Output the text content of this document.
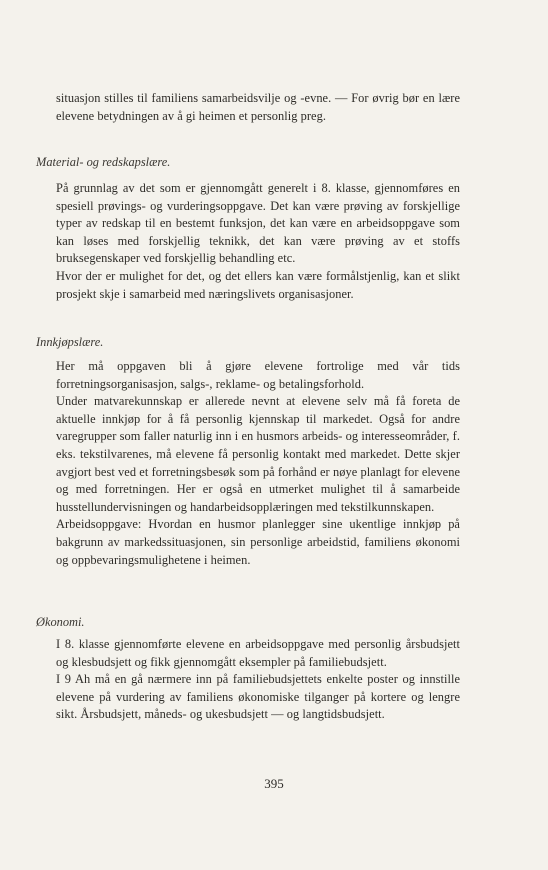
situasjon stilles til familiens samarbeidsvilje og -evne. — For øvrig bør en lære elevene betydningen av å gi heimen et personlig preg.

Material- og redskapslære.

På grunnlag av det som er gjennomgått generelt i 8. klasse, gjennomføres en spesiell prøvings- og vurderingsoppgave. Det kan være prøving av forskjellige typer av redskap til en bestemt funksjon, det kan være en arbeidsoppgave som kan løses med forskjellig teknikk, det kan være prøving av et stoffs bruksegenskaper ved forskjellig behandling etc.

Hvor der er mulighet for det, og det ellers kan være formålstjenlig, kan et slikt prosjekt skje i samarbeid med næringslivets organisasjoner.

Innkjøpslære.

Her må oppgaven bli å gjøre elevene fortrolige med vår tids forretningsorganisasjon, salgs-, reklame- og betalingsforhold.

Under matvarekunnskap er allerede nevnt at elevene selv må få foreta de aktuelle innkjøp for å få personlig kjennskap til markedet. Også for andre varegrupper som faller naturlig inn i en husmors arbeids- og interesseområder, f. eks. tekstilvarenes, må elevene få personlig kontakt med markedet. Dette skjer avgjort best ved et forretningsbesøk som på forhånd er nøye planlagt for elevene og med forretningen. Her er også en utmerket mulighet til å samarbeide husstellundervisningen og handarbeidsopplæringen med tekstilkunnskapen.

Arbeidsoppgave: Hvordan en husmor planlegger sine ukentlige innkjøp på bakgrunn av markedssituasjonen, sin personlige arbeidstid, familiens økonomi og oppbevaringsmulighetene i heimen.

Økonomi.

I 8. klasse gjennomførte elevene en arbeidsoppgave med personlig årsbudsjett og klesbudsjett og fikk gjennomgått eksempler på familiebudsjett.

I 9 Ah må en gå nærmere inn på familiebudsjettets enkelte poster og innstille elevene på vurdering av familiens økonomiske tilganger på kortere og lengre sikt. Årsbudsjett, måneds- og ukesbudsjett — og langtidsbudsjett.

395
